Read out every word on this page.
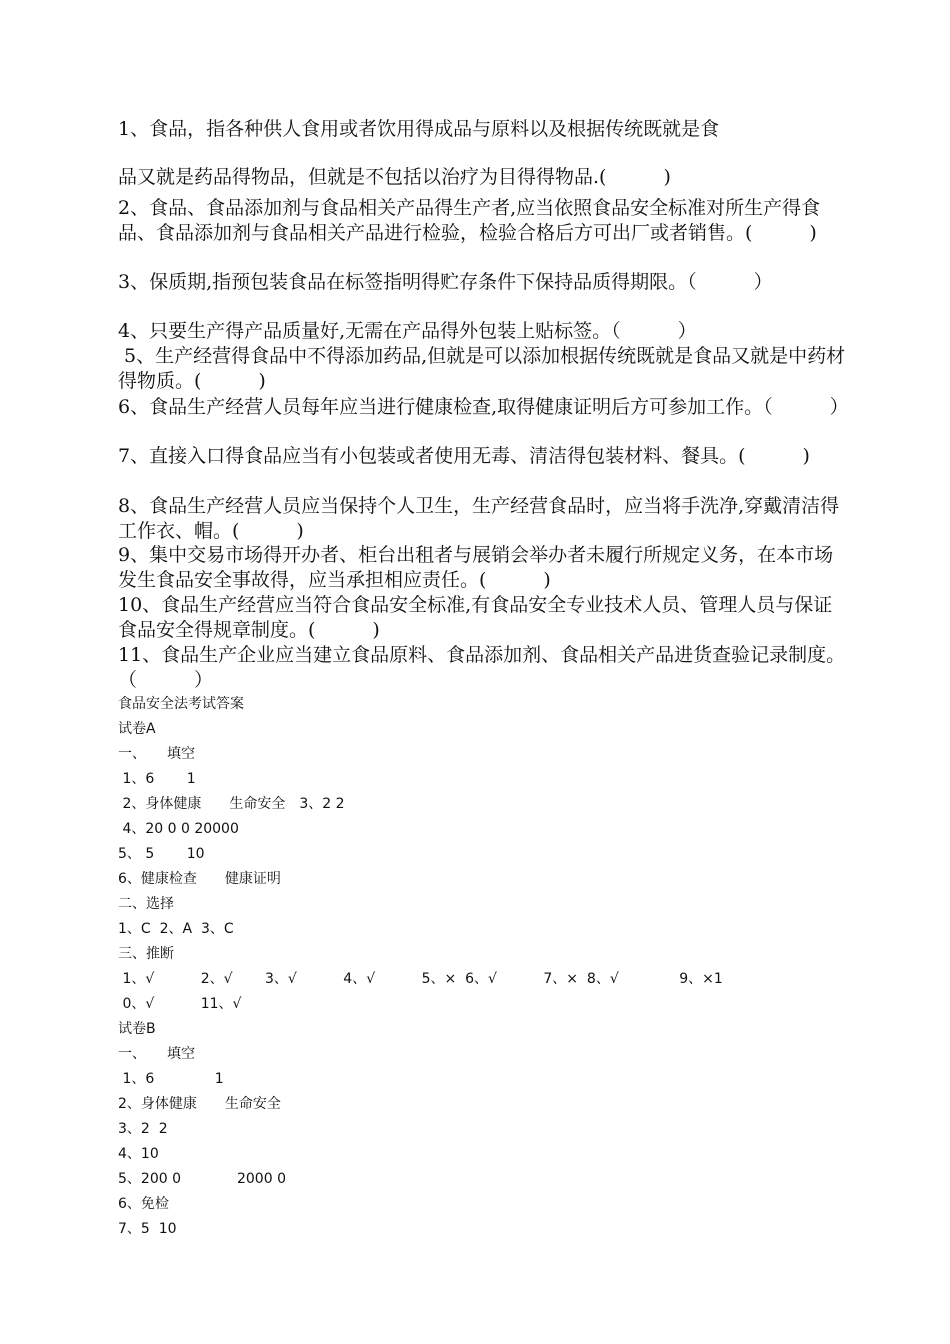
1、食品，指各种供人食用或者饮用得成品与原料以及根据传统既就是食
品又就是药品得物品，但就是不包括以治疗为目得得物品.(　　　)
2、食品、食品添加剂与食品相关产品得生产者,应当依照食品安全标准对所生产得食品、食品添加剂与食品相关产品进行检验，检验合格后方可出厂或者销售。(　　　)
3、保质期,指预包装食品在标签指明得贮存条件下保持品质得期限。（　　　）
4、只要生产得产品质量好,无需在产品得外包装上贴标签。（　　　）
5、生产经营得食品中不得添加药品,但就是可以添加根据传统既就是食品又就是中药材得物质。(　　　)
6、食品生产经营人员每年应当进行健康检查,取得健康证明后方可参加工作。（　　　）
7、直接入口得食品应当有小包装或者使用无毒、清洁得包装材料、餐具。(　　　)
8、食品生产经营人员应当保持个人卫生，生产经营食品时，应当将手洗净,穿戴清洁得工作衣、帽。(　　　)
9、集中交易市场得开办者、柜台出租者与展销会举办者未履行所规定义务，在本市场发生食品安全事故得，应当承担相应责任。(　　　)
10、食品生产经营应当符合食品安全标准,有食品安全专业技术人员、管理人员与保证食品安全得规章制度。(　　　)
11、食品生产企业应当建立食品原料、食品添加剂、食品相关产品进货查验记录制度。（　　　）
食品安全法考试答案
试卷A
一、　　填空
1、6　　 1
2、身体健康　　生命安全　3、2 2
4、20 0 0 20000
5、 5　　 10
6、健康检查　　健康证明
二、选择
1、C  2、A  3、C
三、推断
1、√　　　 2、√　　 3、√　　　 4、√　　　 5、×  6、√　　　 7、×  8、√　　　　 9、×1
0、√　　　 11、√
试卷B
一、　　填空
1、6　　　　 1
2、身体健康　　生命安全
3、2  2
4、10
5、200 0　　　　2000 0
6、免检
7、5  10
